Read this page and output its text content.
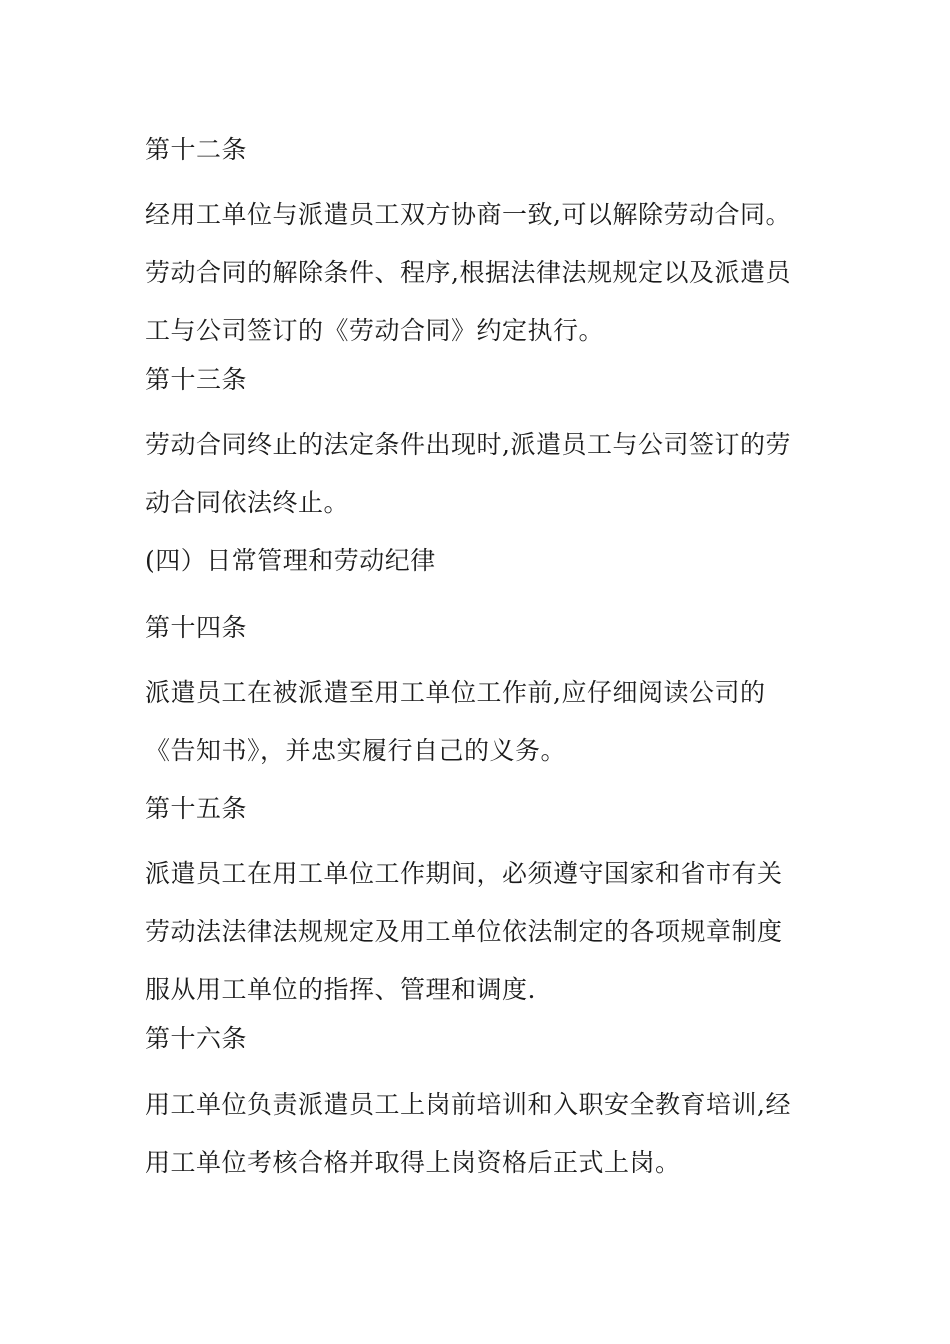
第十二条
经用工单位与派遣员工双方协商一致,可以解除劳动合同。
劳动合同的解除条件、程序,根据法律法规规定以及派遣员
工与公司签订的《劳动合同》约定执行。
第十三条
劳动合同终止的法定条件出现时,派遣员工与公司签订的劳
动合同依法终止。
(四）日常管理和劳动纪律
第十四条
派遣员工在被派遣至用工单位工作前,应仔细阅读公司的
《告知书》，并忠实履行自己的义务。
第十五条
派遣员工在用工单位工作期间，必须遵守国家和省市有关
劳动法法律法规规定及用工单位依法制定的各项规章制度
服从用工单位的指挥、管理和调度.
第十六条
用工单位负责派遣员工上岗前培训和入职安全教育培训,经
用工单位考核合格并取得上岗资格后正式上岗。
